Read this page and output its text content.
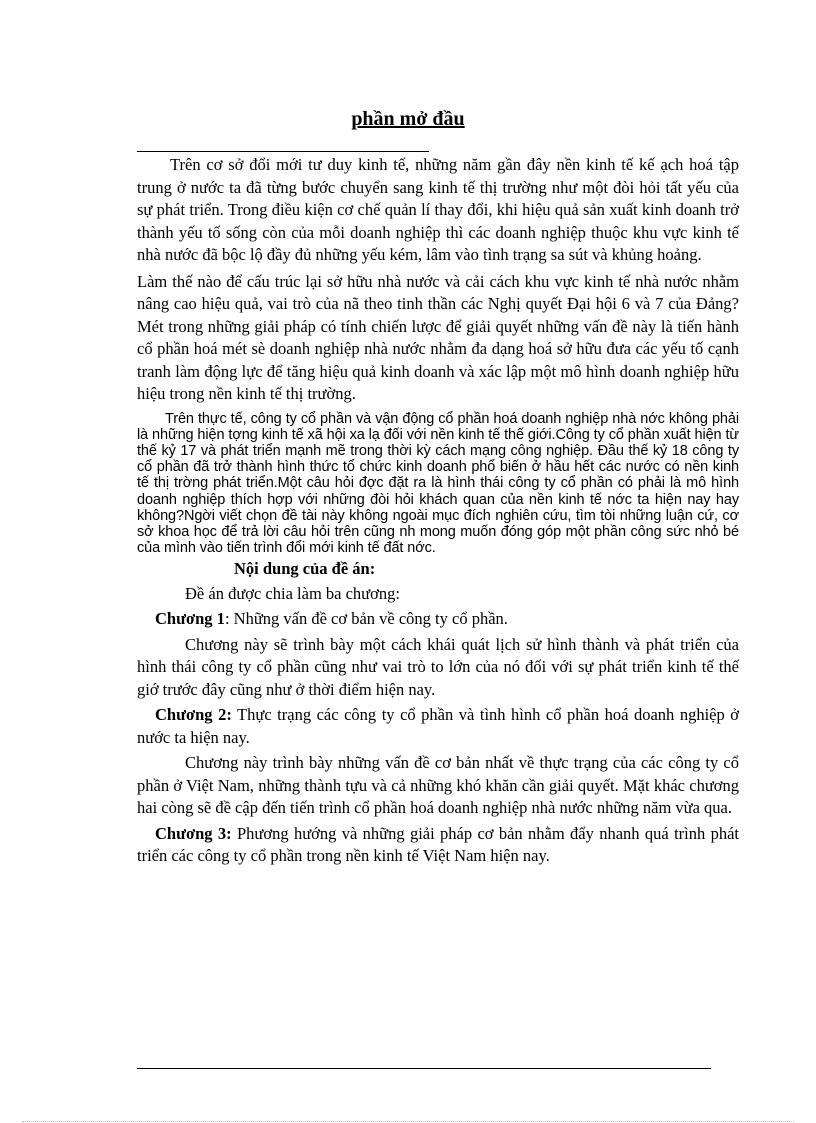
phần mở đầu

Trên cơ sở đổi mới tư duy kinh tế, những năm gần đây nền kinh tế kế ạch hoá tập trung ở nước ta đã từng bước chuyển sang kinh tế thị trường như một đòi hỏi tất yếu của sự phát triển. Trong điều kiện cơ chế quản lí thay đổi, khi hiệu quả sản xuất kinh doanh trở thành yếu tố sống còn của mỗi doanh nghiệp thì các doanh nghiệp thuộc khu vực kinh tế nhà nước đã bộc lộ đầy đủ những yếu kém, lâm vào tình trạng sa sút và khủng hoảng.

Làm thế nào để cấu trúc lại sở hữu nhà nước và cải cách khu vực kinh tế nhà nước nhằm nâng cao hiệu quả, vai trò của nã theo tinh thần các Nghị quyết Đại hội 6 và 7 của Đảng? Mét trong những giải pháp có tính chiến lược để giải quyết những vấn đề này là tiến hành cổ phần hoá mét sè doanh nghiệp nhà nước nhằm đa dạng hoá sở hữu đưa các yếu tố cạnh tranh làm động lực để tăng hiệu quả kinh doanh và xác lập một mô hình doanh nghiệp hữu hiệu trong nền kinh tế thị trường.

Trên thực tế, công ty cổ phần và vận động cổ phần hoá doanh nghiệp nhà nớc không phải là những hiện tợng kinh tế xã hội xa lạ đối với nền kinh tế thế giới.Công ty cổ phần xuất hiện từ thế kỷ 17 và phát triển mạnh mẽ trong thời kỳ cách mạng công nghiệp. Đầu thế kỷ 18 công ty cổ phần đã trở thành hình thức tổ chức kinh doanh phổ biến ở hầu hết các nước có nền kinh tế thị trờng phát triển.Một câu hỏi đợc đặt ra là hình thái công ty cổ phần có phải là mô hình doanh nghiệp thích hợp với những đòi hỏi khách quan của nền kinh tế nớc ta hiện nay hay không?Ngời viết chọn đề tài này không ngoài mục đích nghiên cứu, tìm tòi những luận cứ, cơ sở khoa học để trả lời câu hỏi trên cũng nh mong muốn đóng góp một phần công sức nhỏ bé của mình vào tiến trình đổi mới kinh tế đất nớc.

Nội dung của đề án:
Đề án được chia làm ba chương:

Chương 1: Những vấn đề cơ bản về công ty cổ phần.

Chương này sẽ trình bày một cách khái quát lịch sử hình thành và phát triển của hình thái công ty cổ phần cũng như vai trò to lớn của nó đối với sự phát triển kinh tế thế giớ trước đây cũng như ở thời điểm hiện nay.

Chương 2: Thực trạng các công ty cổ phần và tình hình cổ phần hoá doanh nghiệp ở nước ta hiện nay.

Chương này trình bày những vấn đề cơ bản nhất về thực trạng của các công ty cổ phần ở Việt Nam, những thành tựu và cả những khó khăn cần giải quyết. Mặt khác chương hai còng sẽ đề cập đến tiến trình cổ phần hoá doanh nghiệp nhà nước những năm vừa qua.

Chương 3: Phương hướng và những giải pháp cơ bản nhằm đẩy nhanh quá trình phát triển các công ty cổ phần trong nền kinh tế Việt Nam hiện nay.
